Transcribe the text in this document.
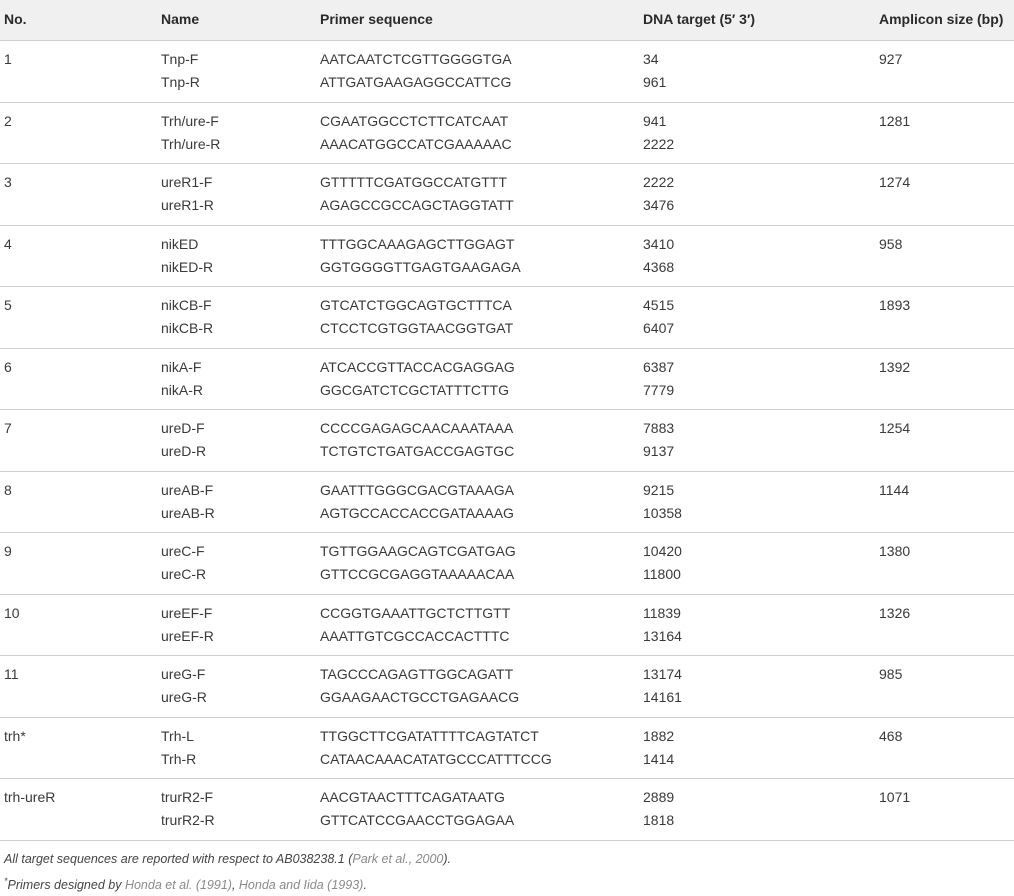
No.	Name	Primer sequence	DNA target (5′ 3′)	Amplicon size (bp)
1	Tnp-F	AATCAATCTCGTTGGGGTGA	34	927
Tnp-R	ATTGATGAAGAGGCCATTCG	961
2	Trh/ure-F	CGAATGGCCTCTTCATCAAT	941	1281
Trh/ure-R	AAACATGGCCATCGAAAAAC	2222
3	ureR1-F	GTTTTTCGATGGCCATGTTT	2222	1274
ureR1-R	AGAGCCGCCAGCTAGGTATT	3476
4	nikED	TTTGGCAAAGAGCTTGGAGT	3410	958
nikED-R	GGTGGGGTTGAGTGAAGAGA	4368
5	nikCB-F	GTCATCTGGCAGTGCTTTCA	4515	1893
nikCB-R	CTCCTCGTGGTAACGGTGAT	6407
6	nikA-F	ATCACCGTTACCACGAGGAG	6387	1392
nikA-R	GGCGATCTCGCTATTTCTTG	7779
7	ureD-F	CCCCGAGAGCAACAAATAAA	7883	1254
ureD-R	TCTGTCTGATGACCGAGTGC	9137
8	ureAB-F	GAATTTGGGCGACGTAAAGA	9215	1144
ureAB-R	AGTGCCACCACCGATAAAAG	10358
9	ureC-F	TGTTGGAAGCAGTCGATGAG	10420	1380
ureC-R	GTTCCGCGAGGTAAAAACAA	11800
10	ureEF-F	CCGGTGAAATTGCTCTTGTT	11839	1326
ureEF-R	AAATTGTCGCCACCACTTTC	13164
11	ureG-F	TAGCCCAGAGTTGGCAGATT	13174	985
ureG-R	GGAAGAACTGCCTGAGAACG	14161
trh*	Trh-L	TTGGCTTCGATATTTTCAGTATCT	1882	468
Trh-R	CATAACAAACATATGCCCATTTCCG	1414
trh-ureR	trurR2-F	AACGTAACTTTCAGATAATG	2889	1071
trurR2-R	GTTCATCCGAACCTGGAGAA	1818
All target sequences are reported with respect to AB038238.1 (Park et al., 2000).
*Primers designed by Honda et al. (1991), Honda and Iida (1993).
